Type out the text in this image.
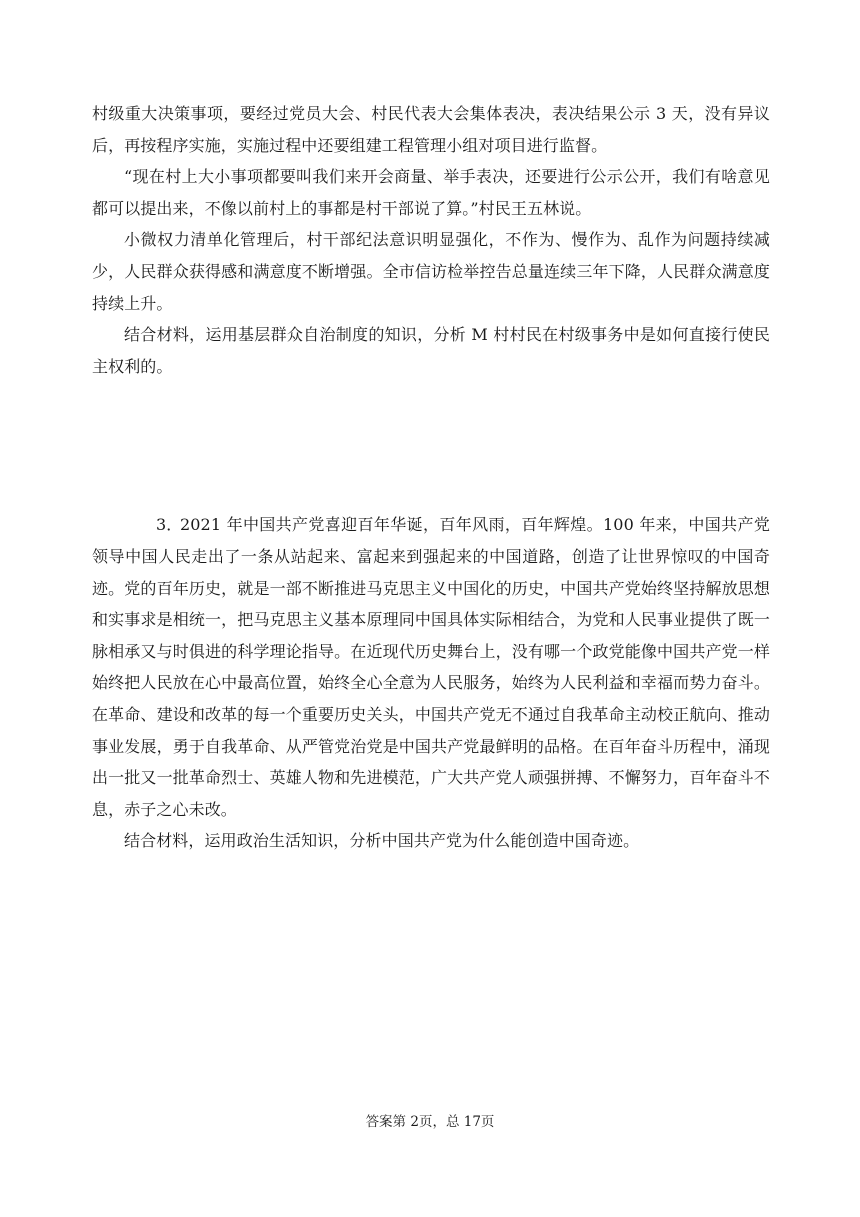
村级重大决策事项，要经过党员大会、村民代表大会集体表决，表决结果公示 3 天，没有异议后，再按程序实施，实施过程中还要组建工程管理小组对项目进行监督。

“现在村上大小事项都要叫我们来开会商量、举手表决，还要进行公示公开，我们有啥意见都可以提出来，不像以前村上的事都是村干部说了算。”村民王五林说。

小微权力清单化管理后，村干部纪法意识明显强化，不作为、慢作为、乱作为问题持续减少，人民群众获得感和满意度不断增强。全市信访检举控告总量连续三年下降，人民群众满意度持续上升。

结合材料，运用基层群众自治制度的知识，分析 M 村村民在村级事务中是如何直接行使民主权利的。

3．2021 年中国共产党喜迎百年华诞，百年风雨，百年辉煌。100 年来，中国共产党领导中国人民走出了一条从站起来、富起来到强起来的中国道路，创造了让世界惊叹的中国奇迹。党的百年历史，就是一部不断推进马克思主义中国化的历史，中国共产党始终坚持解放思想和实事求是相统一，把马克思主义基本原理同中国具体实际相结合，为党和人民事业提供了既一脉相承又与时俱进的科学理论指导。在近现代历史舞台上，没有哪一个政党能像中国共产党一样始终把人民放在心中最高位置，始终全心全意为人民服务，始终为人民利益和幸福而势力奋斗。在革命、建设和改革的每一个重要历史关头，中国共产党无不通过自我革命主动校正航向、推动事业发展，勇于自我革命、从严管党治党是中国共产党最鲜明的品格。在百年奋斗历程中，涌现出一批又一批革命烈士、英雄人物和先进模范，广大共产党人顽强拼搏、不懈努力，百年奋斗不息，赤子之心未改。

结合材料，运用政治生活知识，分析中国共产党为什么能创造中国奇迹。

答案第 2页，总 17页
